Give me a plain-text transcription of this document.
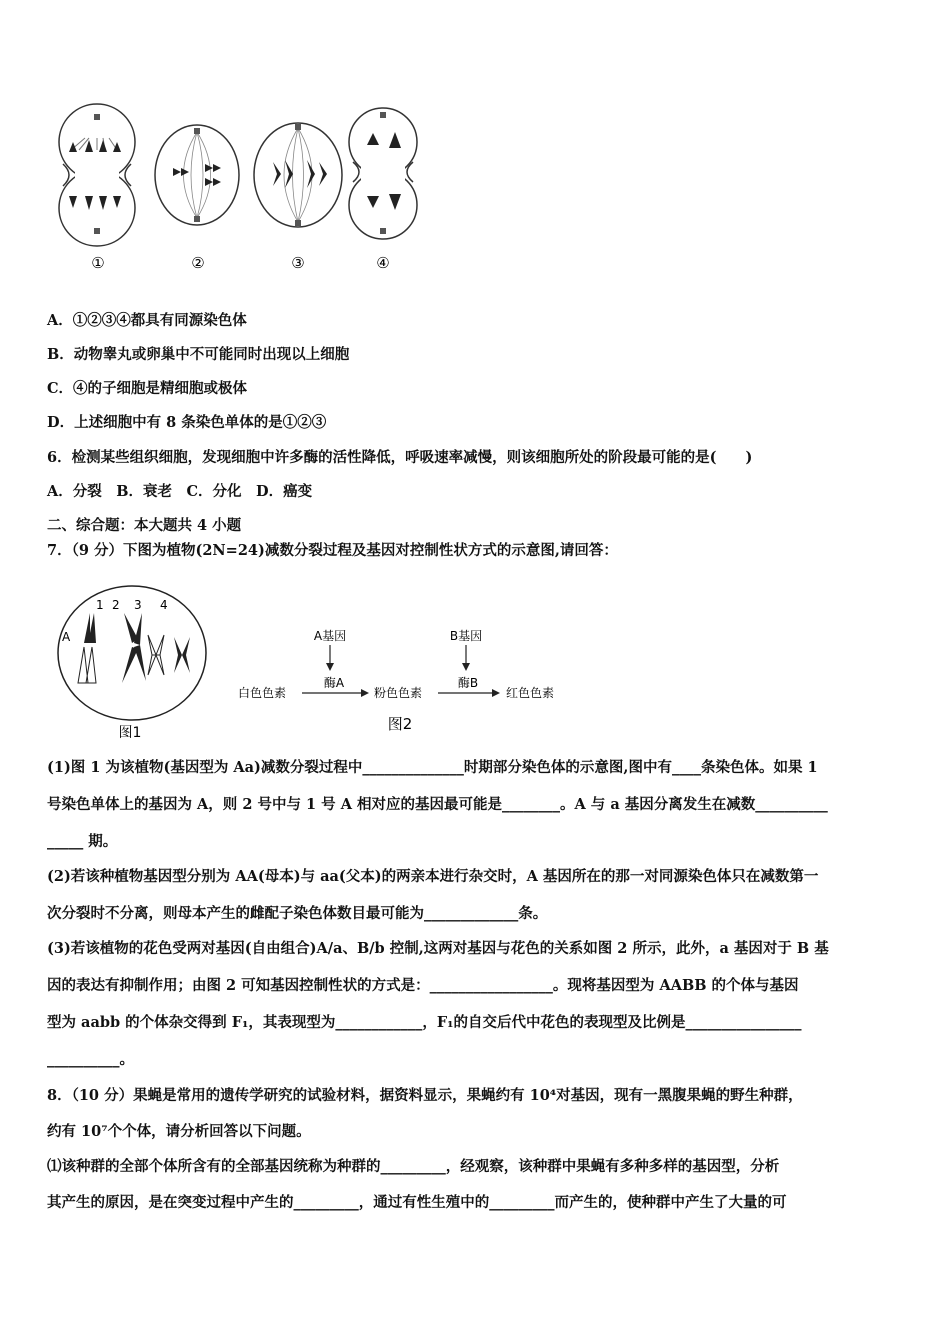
①	②	③	④
A．①②③④都具有同源染色体
B．动物睾丸或卵巢中不可能同时出现以上细胞
C．④的子细胞是精细胞或极体
D．上述细胞中有 8 条染色单体的是①②③
6．检测某些组织细胞，发现细胞中许多酶的活性降低，呼吸速率减慢，则该细胞所处的阶段最可能的是(　　)
A．分裂　B．衰老　C．分化　D．癌变
二、综合题：本大题共 4 小题
7．（9 分）下图为植物(2N=24)减数分裂过程及基因对控制性状方式的示意图,请回答：
1 2 3 4
A
图1
A基因	B基因
酶A	酶B
白色色素	粉色色素	红色色素
图2
(1)图 1 为该植物(基因型为 Aa)减数分裂过程中______________时期部分染色体的示意图,图中有____条染色体。如果 1
号染色单体上的基因为 A，则 2 号中与 1 号 A 相对应的基因最可能是________。A 与 a 基因分离发生在减数__________
_____ 期。
(2)若该种植物基因型分别为 AA(母本)与 aa(父本)的两亲本进行杂交时，A 基因所在的那一对同源染色体只在减数第一
次分裂时不分离，则母本产生的雌配子染色体数目最可能为_____________条。
(3)若该植物的花色受两对基因(自由组合)A/a、B/b 控制,这两对基因与花色的关系如图 2 所示，此外，a 基因对于 B 基
因的表达有抑制作用；由图 2 可知基因控制性状的方式是：_________________。现将基因型为 AABB 的个体与基因
型为 aabb 的个体杂交得到 F₁，其表现型为____________，F₁的自交后代中花色的表现型及比例是________________
__________。
8．（10 分）果蝇是常用的遗传学研究的试验材料，据资料显示，果蝇约有 10⁴对基因，现有一黑腹果蝇的野生种群，
约有 10⁷个个体，请分析回答以下问题。
⑴该种群的全部个体所含有的全部基因统称为种群的_________，经观察，该种群中果蝇有多种多样的基因型，分析
其产生的原因，是在突变过程中产生的_________，通过有性生殖中的_________而产生的，使种群中产生了大量的可
